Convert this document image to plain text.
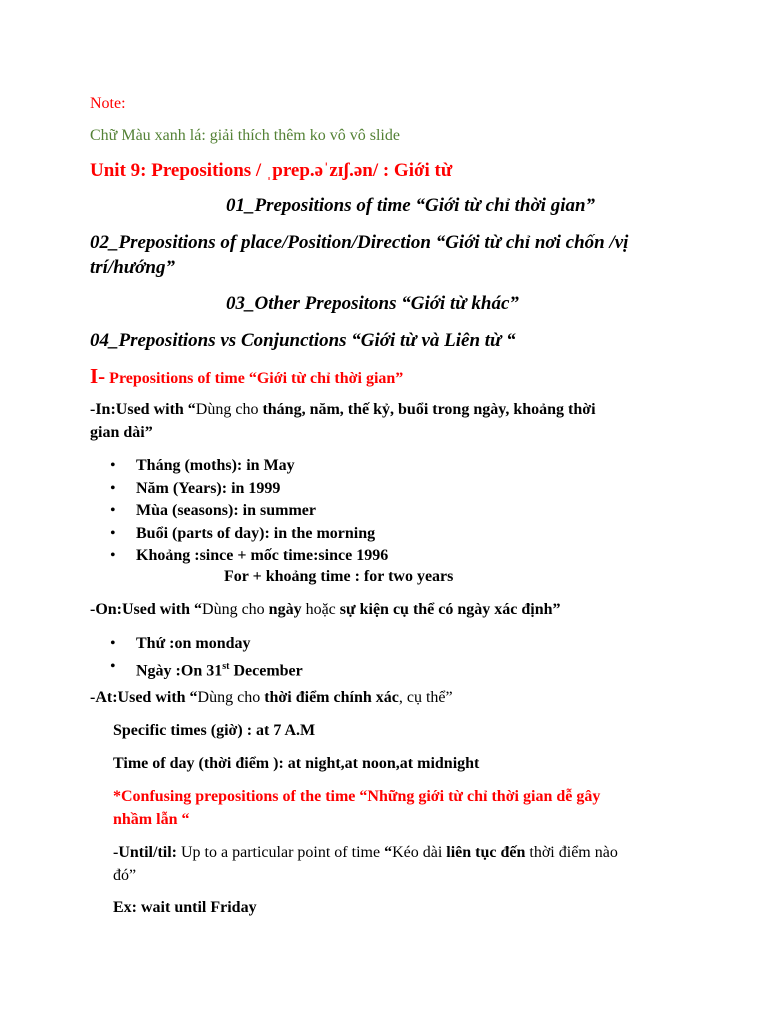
Note:
Chữ Màu xanh lá: giải thích thêm ko vô vô slide
Unit 9: Prepositions / ˌprep.əˈzɪʃ.ən/ : Giới từ
01_Prepositions of time “Giới từ chỉ thời gian”
02_Prepositions of place/Position/Direction “Giới từ chỉ nơi chốn /vị
trí/hướng”
03_Other Prepositons “Giới từ khác”
04_Prepositions vs Conjunctions “Giới từ và Liên từ “
I- Prepositions of time “Giới từ chỉ thời gian”
-In:Used with “Dùng cho tháng, năm, thế kỷ, buổi trong ngày, khoảng thời
gian dài”
• Tháng (moths): in May
• Năm (Years): in 1999
• Mùa (seasons): in summer
• Buổi (parts of day): in the morning
• Khoảng :since + mốc time:since 1996
For + khoảng time : for two years
-On:Used with “Dùng cho ngày hoặc sự kiện cụ thể có ngày xác định”
• Thứ :on monday
• Ngày :On 31st December
-At:Used with “Dùng cho thời điểm chính xác, cụ thể”
Specific times (giờ) : at 7 A.M
Time of day (thời điểm ): at night,at noon,at midnight
*Confusing prepositions of the time “Những giới từ chỉ thời gian dễ gây
nhầm lẫn “
-Until/til: Up to a particular point of time “Kéo dài liên tục đến thời điểm nào
đó”
Ex: wait until Friday
